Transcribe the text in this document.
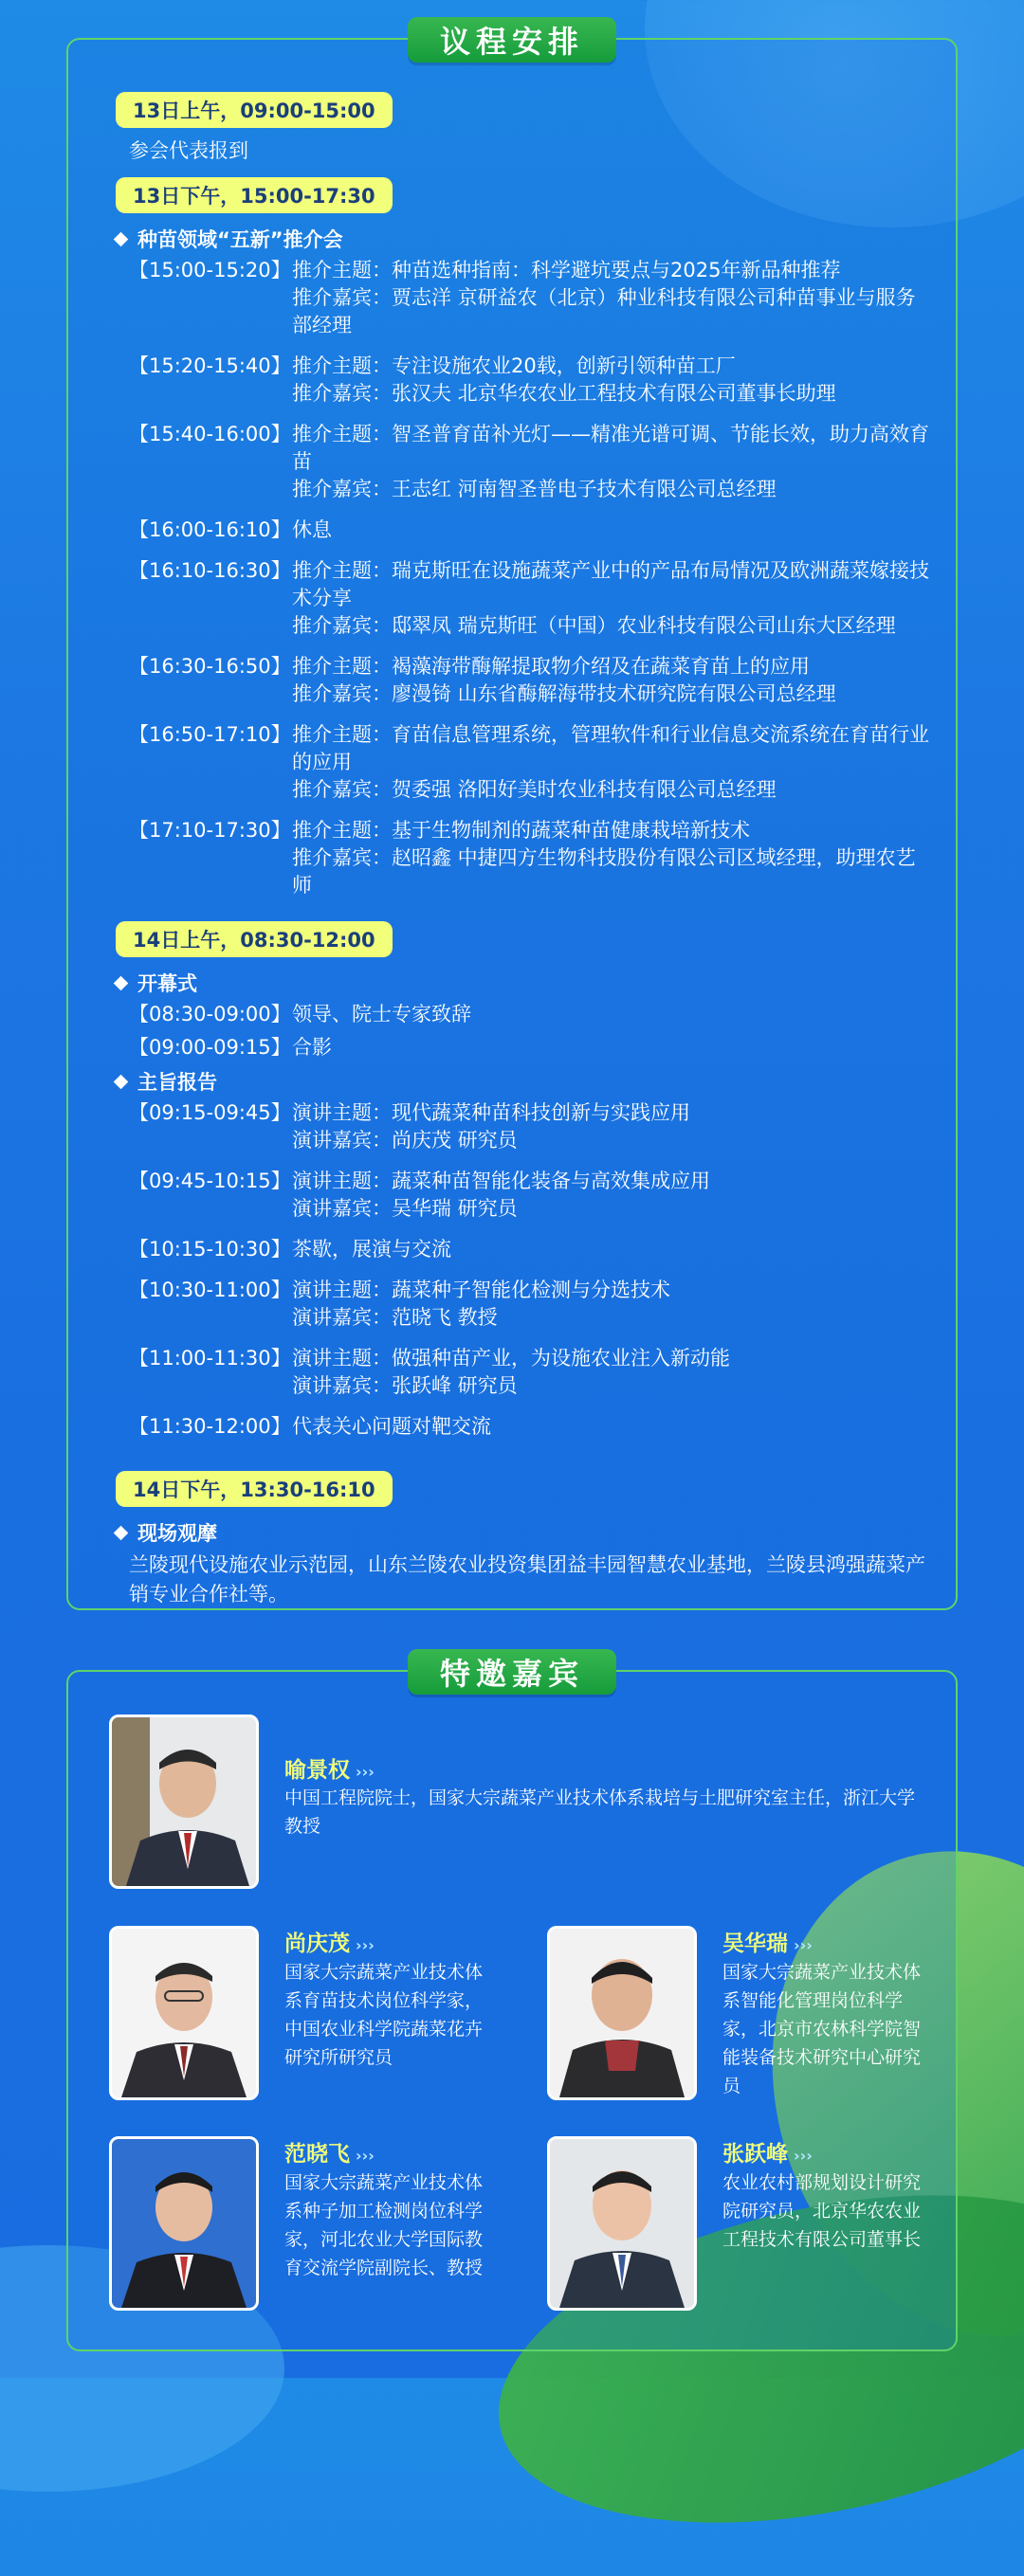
议程安排
13日上午，09:00-15:00
参会代表报到
13日下午，15:00-17:30
种苗领域“五新”推介会
【15:00-15:20】 推介主题：种苗选种指南：科学避坑要点与2025年新品种推荐
推介嘉宾：贾志洋 京研益农（北京）种业科技有限公司种苗事业与服务部经理
【15:20-15:40】 推介主题：专注设施农业20载，创新引领种苗工厂
推介嘉宾：张汉夫 北京华农农业工程技术有限公司董事长助理
【15:40-16:00】 推介主题：智圣普育苗补光灯——精准光谱可调、节能长效，助力高效育苗
推介嘉宾：王志红 河南智圣普电子技术有限公司总经理
【16:00-16:10】 休息
【16:10-16:30】 推介主题：瑞克斯旺在设施蔬菜产业中的产品布局情况及欧洲蔬菜嫁接技术分享
推介嘉宾：邸翠凤 瑞克斯旺（中国）农业科技有限公司山东大区经理
【16:30-16:50】 推介主题：褐藻海带酶解提取物介绍及在蔬菜育苗上的应用
推介嘉宾：廖漫锜 山东省酶解海带技术研究院有限公司总经理
【16:50-17:10】 推介主题：育苗信息管理系统，管理软件和行业信息交流系统在育苗行业的应用
推介嘉宾：贺委强 洛阳好美时农业科技有限公司总经理
【17:10-17:30】 推介主题：基于生物制剂的蔬菜种苗健康栽培新技术
推介嘉宾：赵昭鑫 中捷四方生物科技股份有限公司区域经理，助理农艺师
14日上午，08:30-12:00
开幕式
【08:30-09:00】 领导、院士专家致辞
【09:00-09:15】 合影
主旨报告
【09:15-09:45】 演讲主题：现代蔬菜种苗科技创新与实践应用
演讲嘉宾：尚庆茂 研究员
【09:45-10:15】 演讲主题：蔬菜种苗智能化装备与高效集成应用
演讲嘉宾：吴华瑞 研究员
【10:15-10:30】 茶歇，展演与交流
【10:30-11:00】 演讲主题：蔬菜种子智能化检测与分选技术
演讲嘉宾：范晓飞 教授
【11:00-11:30】 演讲主题：做强种苗产业，为设施农业注入新动能
演讲嘉宾：张跃峰 研究员
【11:30-12:00】 代表关心问题对靶交流
14日下午，13:30-16:10
现场观摩
兰陵现代设施农业示范园，山东兰陵农业投资集团益丰园智慧农业基地，兰陵县鸿强蔬菜产销专业合作社等。
特邀嘉宾
喻景权 ›››
中国工程院院士，国家大宗蔬菜产业技术体系栽培与土肥研究室主任，浙江大学教授
尚庆茂 ›››
国家大宗蔬菜产业技术体系育苗技术岗位科学家，中国农业科学院蔬菜花卉研究所研究员
吴华瑞 ›››
国家大宗蔬菜产业技术体系智能化管理岗位科学家，北京市农林科学院智能装备技术研究中心研究员
范晓飞 ›››
国家大宗蔬菜产业技术体系种子加工检测岗位科学家，河北农业大学国际教育交流学院副院长、教授
张跃峰 ›››
农业农村部规划设计研究院研究员，北京华农农业工程技术有限公司董事长
